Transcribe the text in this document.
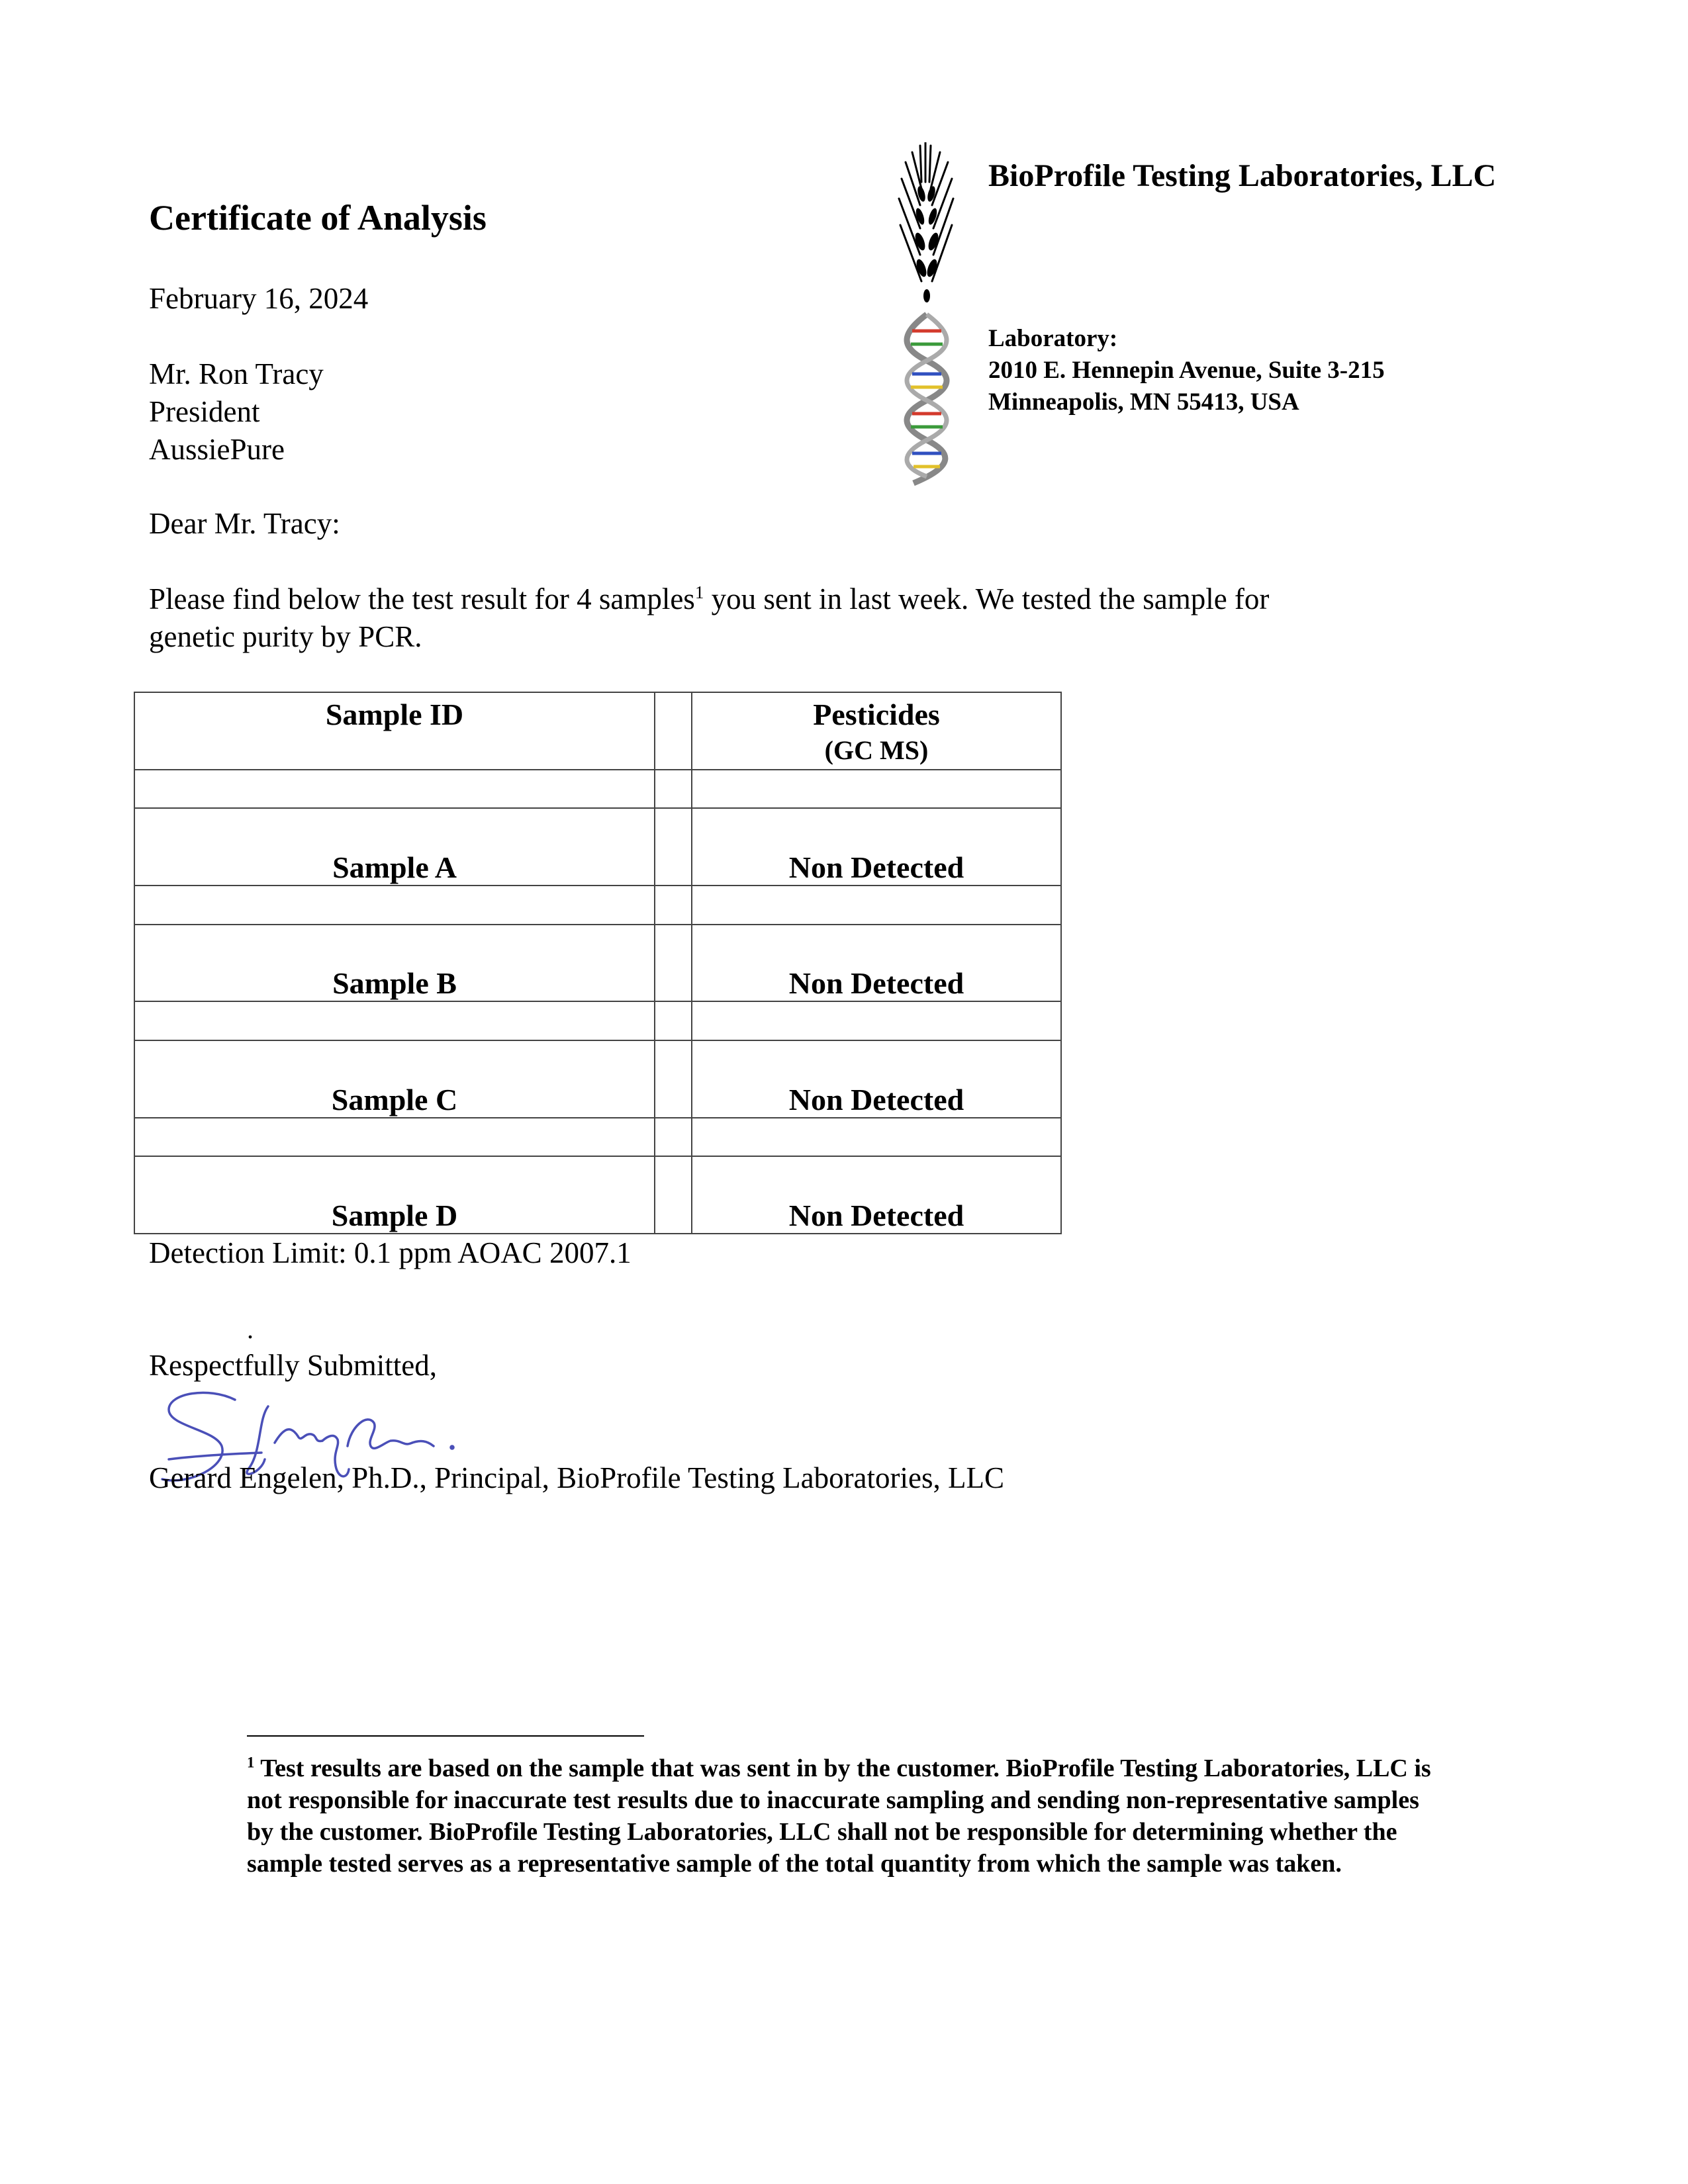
Certificate of Analysis
February 16, 2024
Mr. Ron Tracy
President
AussiePure
BioProfile Testing Laboratories, LLC
Laboratory:
2010 E. Hennepin Avenue, Suite 3-215
Minneapolis, MN 55413, USA
Dear Mr. Tracy:
Please find below the test result for 4 samples$^1$ you sent in last week. We tested the sample for
genetic purity by PCR.
Sample ID		Pesticides
(GC MS)

Sample A		Non Detected

Sample B		Non Detected

Sample C		Non Detected

Sample D		Non Detected
Detection Limit: 0.1 ppm AOAC 2007.1
.
Respectfully Submitted,
Gerard Engelen, Ph.D., Principal, BioProfile Testing Laboratories, LLC
$^1$ Test results are based on the sample that was sent in by the customer. BioProfile Testing Laboratories, LLC is not responsible for inaccurate test results due to inaccurate sampling and sending non-representative samples by the customer. BioProfile Testing Laboratories, LLC shall not be responsible for determining whether the sample tested serves as a representative sample of the total quantity from which the sample was taken.
